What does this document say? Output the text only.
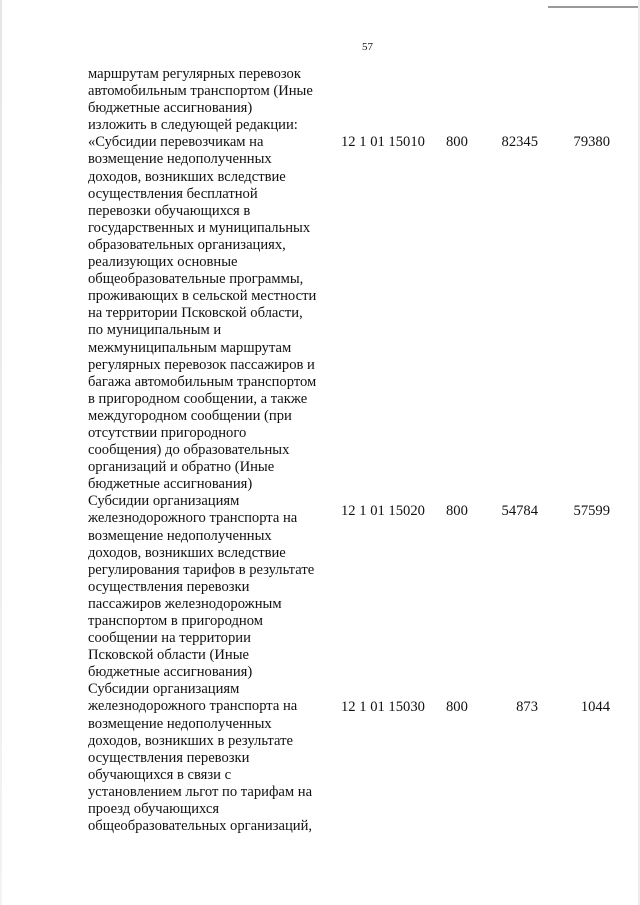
57
маршрутам регулярных перевозок
автомобильным транспортом (Иные
бюджетные ассигнования)
изложить в следующей редакции:
«Субсидии перевозчикам на
возмещение недополученных
доходов, возникших вследствие
осуществления бесплатной
перевозки обучающихся в
государственных и муниципальных
образовательных организациях,
реализующих основные
общеобразовательные программы,
проживающих в сельской местности
на территории Псковской области,
по муниципальным и
межмуниципальным маршрутам
регулярных перевозок пассажиров и
багажа автомобильным транспортом
в пригородном сообщении, а также
междугородном сообщении (при
отсутствии пригородного
сообщения) до образовательных
организаций и обратно (Иные
бюджетные ассигнования)
Субсидии организациям
железнодорожного транспорта на
возмещение недополученных
доходов, возникших вследствие
регулирования тарифов в результате
осуществления перевозки
пассажиров железнодорожным
транспортом в пригородном
сообщении на территории
Псковской области (Иные
бюджетные ассигнования)
Субсидии организациям
железнодорожного транспорта на
возмещение недополученных
доходов, возникших в результате
осуществления перевозки
обучающихся в связи с
установлением льгот по тарифам на
проезд обучающихся
общеобразовательных организаций,
12 1 01 15010 800 82345 79380
12 1 01 15020 800 54784 57599
12 1 01 15030 800	873	1044
